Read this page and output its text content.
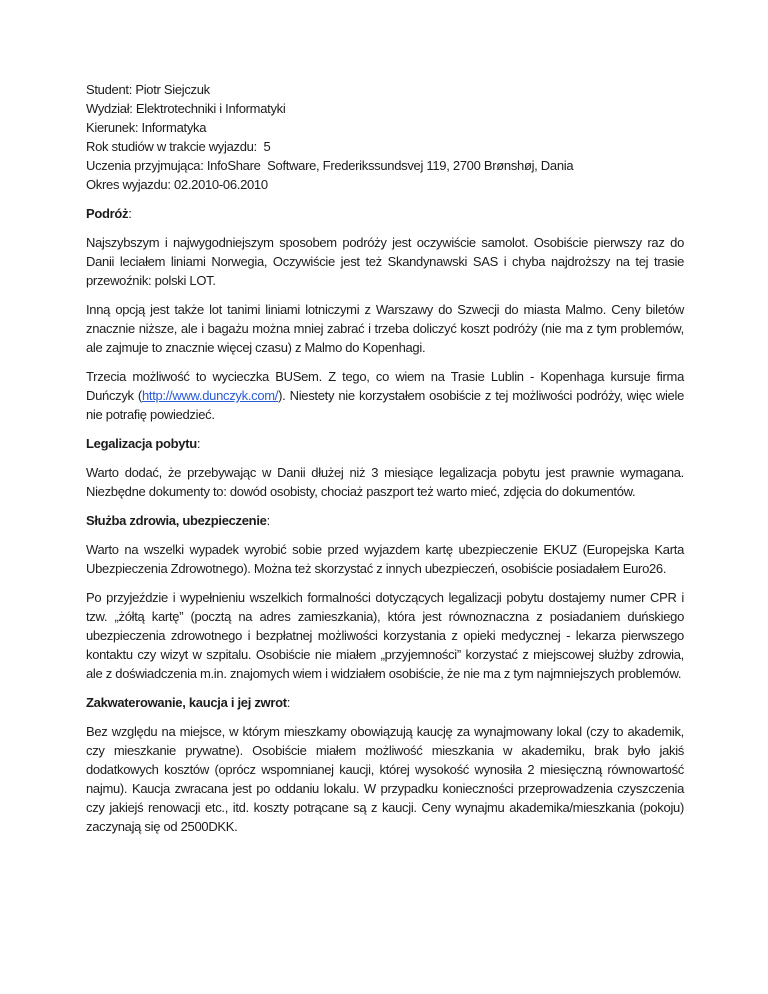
Student: Piotr Siejczuk
Wydział: Elektrotechniki i Informatyki
Kierunek: Informatyka
Rok studiów w trakcie wyjazdu:  5
Uczenia przyjmująca: InfoShare  Software, Frederikssundsvej 119, 2700 Brønshøj, Dania
Okres wyjazdu: 02.2010-06.2010

Podróż:

Najszybszym i najwygodniejszym sposobem podróży jest oczywiście samolot. Osobiście pierwszy raz do Danii leciałem liniami Norwegia, Oczywiście jest też Skandynawski SAS i chyba najdroższy na tej trasie przewoźnik: polski LOT.

Inną opcją jest także lot tanimi liniami lotniczymi z Warszawy do Szwecji do miasta Malmo. Ceny biletów znacznie niższe, ale i bagażu można mniej zabrać i trzeba doliczyć koszt podróży (nie ma z tym problemów, ale zajmuje to znacznie więcej czasu) z Malmo do Kopenhagi.

Trzecia możliwość to wycieczka BUSem. Z tego, co wiem na Trasie Lublin - Kopenhaga kursuje firma Duńczyk (http://www.dunczyk.com/). Niestety nie korzystałem osobiście z tej możliwości podróży, więc wiele nie potrafię powiedzieć.

Legalizacja pobytu:

Warto dodać, że przebywając w Danii dłużej niż 3 miesiące legalizacja pobytu jest prawnie wymagana. Niezbędne dokumenty to: dowód osobisty, chociaż paszport też warto mieć, zdjęcia do dokumentów.

Służba zdrowia, ubezpieczenie:

Warto na wszelki wypadek wyrobić sobie przed wyjazdem kartę ubezpieczenie EKUZ (Europejska Karta Ubezpieczenia Zdrowotnego). Można też skorzystać z innych ubezpieczeń, osobiście posiadałem Euro26.

Po przyjeździe i wypełnieniu wszelkich formalności dotyczących legalizacji pobytu dostajemy numer CPR i tzw. „żółtą kartę” (pocztą na adres zamieszkania), która jest równoznaczna z posiadaniem duńskiego ubezpieczenia zdrowotnego i bezpłatnej możliwości korzystania z opieki medycznej - lekarza pierwszego kontaktu czy wizyt w szpitalu. Osobiście nie miałem „przyjemności” korzystać z miejscowej służby zdrowia, ale z doświadczenia m.in. znajomych wiem i widziałem osobiście, że nie ma z tym najmniejszych problemów.

Zakwaterowanie, kaucja i jej zwrot:

Bez względu na miejsce, w którym mieszkamy obowiązują kaucję za wynajmowany lokal (czy to akademik, czy mieszkanie prywatne). Osobiście miałem możliwość mieszkania w akademiku, brak było jakiś dodatkowych kosztów (oprócz wspomnianej kaucji, której wysokość wynosiła 2 miesięczną równowartość najmu). Kaucja zwracana jest po oddaniu lokalu. W przypadku konieczności przeprowadzenia czyszczenia czy jakiejś renowacji etc., itd. koszty potrącane są z kaucji. Ceny wynajmu akademika/mieszkania (pokoju) zaczynają się od 2500DKK.
